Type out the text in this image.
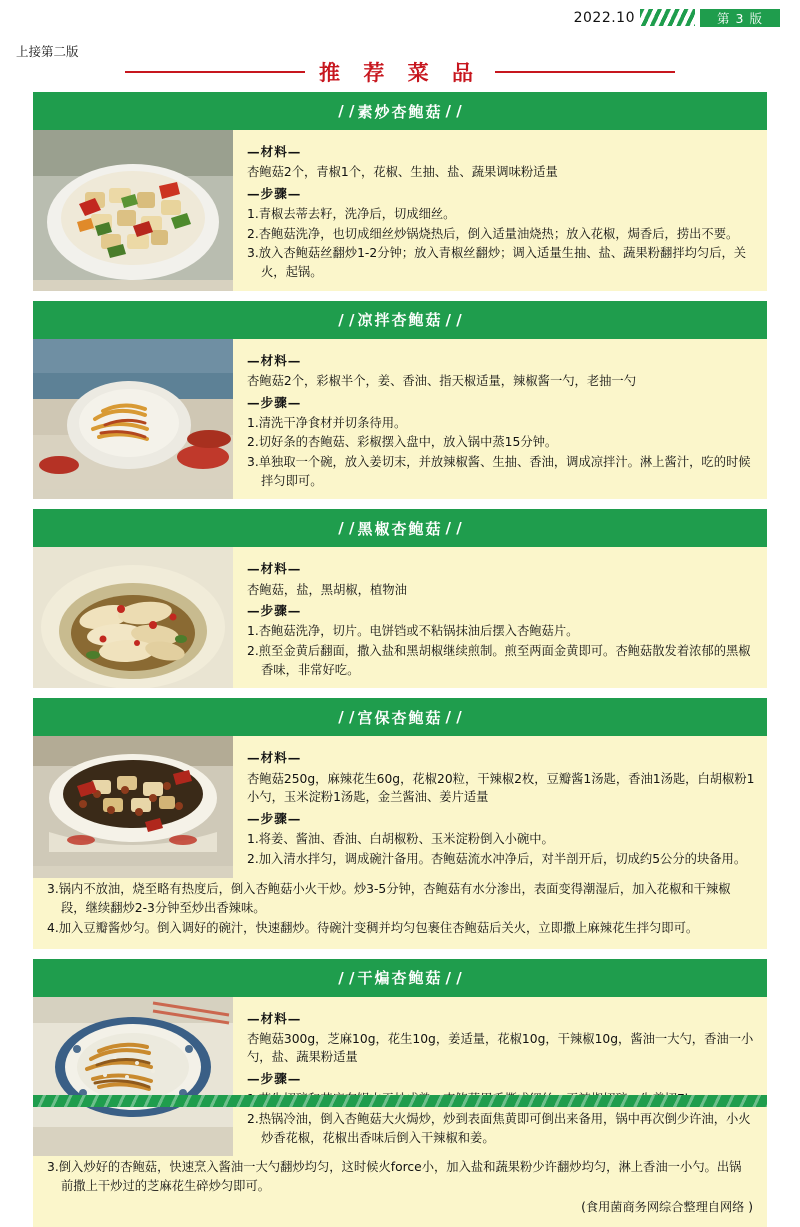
2022.10	第 3 版
上接第二版
推 荐 菜 品
/ / 素炒杏鲍菇 / /
—材料—

杏鲍菇2个，青椒1个，花椒、生抽、盐、蔬果调味粉适量

—步骤—

1.青椒去蒂去籽，洗净后，切成细丝。

2.杏鲍菇洗净，也切成细丝炒锅烧热后，倒入适量油烧热；放入花椒，焗香后，捞出不要。

3.放入杏鲍菇丝翻炒1-2分钟；放入青椒丝翻炒；调入适量生抽、盐、蔬果粉翻拌均匀后，关火，起锅。

/ / 凉拌杏鲍菇 / /
—材料—

杏鲍菇2个，彩椒半个，姜、香油、指天椒适量，辣椒酱一勺，老抽一勺

—步骤—

1.清洗干净食材并切条待用。

2.切好条的杏鲍菇、彩椒摆入盘中，放入锅中蒸15分钟。

3.单独取一个碗，放入姜切末，并放辣椒酱、生抽、香油，调成凉拌汁。淋上酱汁，吃的时候拌匀即可。

/ / 黑椒杏鲍菇 / /
—材料—

杏鲍菇，盐，黑胡椒，植物油

—步骤—

1.杏鲍菇洗净，切片。电饼铛或不粘锅抹油后摆入杏鲍菇片。

2.煎至金黄后翻面，撒入盐和黑胡椒继续煎制。煎至两面金黄即可。杏鲍菇散发着浓郁的黑椒香味，非常好吃。

/ / 宫保杏鲍菇 / /
—材料—

杏鲍菇250g，麻辣花生60g，花椒20粒，干辣椒2枚，豆瓣酱1汤匙，香油1汤匙，白胡椒粉1小勺，玉米淀粉1汤匙，金兰酱油、姜片适量

—步骤—

1.将姜、酱油、香油、白胡椒粉、玉米淀粉倒入小碗中。

2.加入清水拌匀，调成碗汁备用。杏鲍菇流水冲净后，对半剖开后，切成约5公分的块备用。

3.锅内不放油，烧至略有热度后，倒入杏鲍菇小火干炒。炒3-5分钟，杏鲍菇有水分渗出，表面变得潮湿后，加入花椒和干辣椒段，继续翻炒2-3分钟至炒出香辣味。

4.加入豆瓣酱炒匀。倒入调好的碗汁，快速翻炒。待碗汁变稠并均匀包裹住杏鲍菇后关火，立即撒上麻辣花生拌匀即可。

/ / 干煸杏鲍菇 / /
—材料—

杏鲍菇300g，芝麻10g，花生10g，姜适量，花椒10g，干辣椒10g，酱油一大勺，香油一小勺，盐、蔬果粉适量

—步骤—

2.热锅冷油，倒入杏鲍菇大火焗炒，炒到表面焦黄即可倒出来备用，锅中再次倒少许油，小火炒香花椒，花椒出香味后倒入干辣椒和姜。

3.倒入炒好的杏鲍菇，快速烹入酱油一大勺翻炒均匀，这时候火force小，加入盐和蔬果粉少许翻炒均匀，淋上香油一小勺。出锅前撒上干炒过的芝麻花生碎炒匀即可。

(食用菌商务网综合整理自网络 )
